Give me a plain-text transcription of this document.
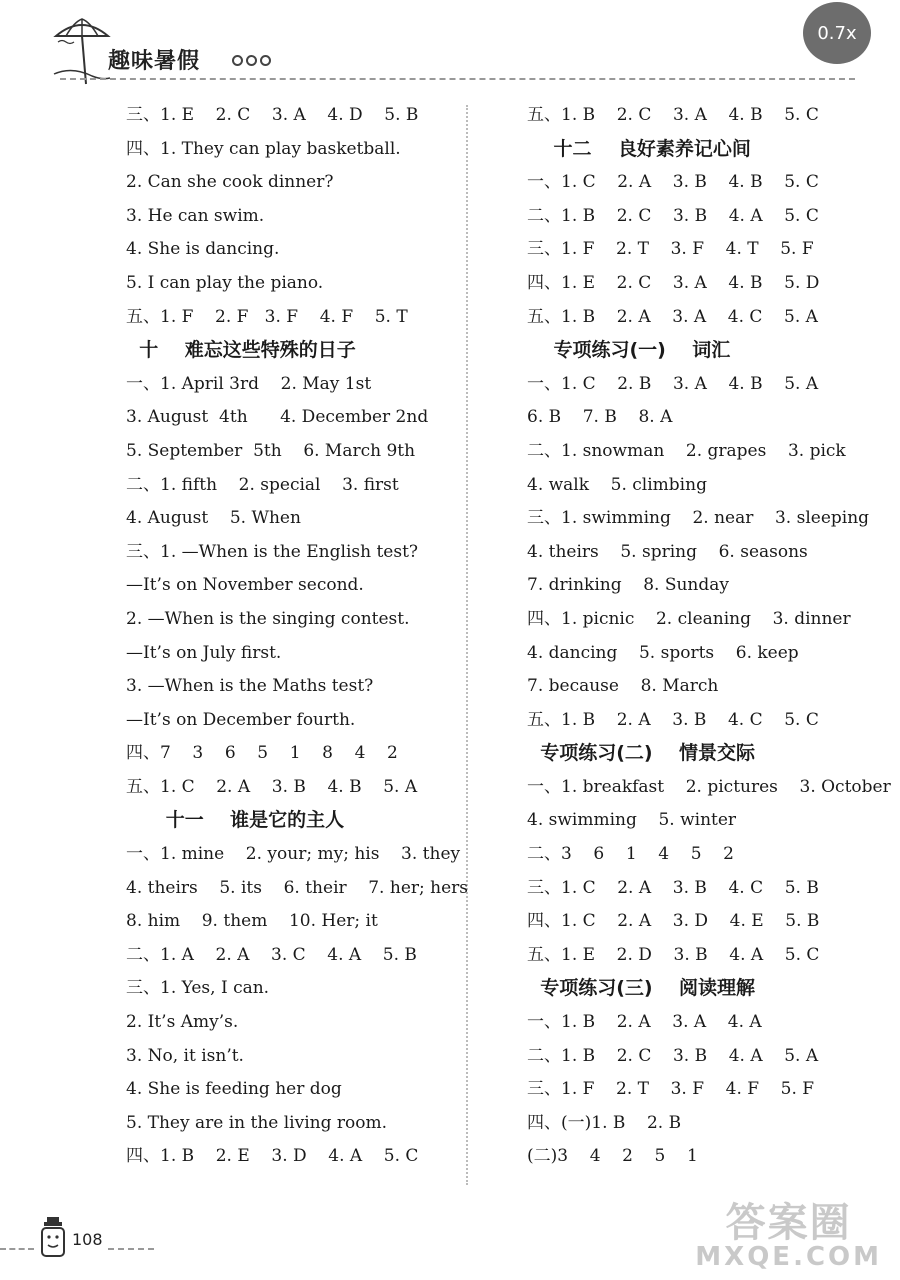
趣味暑假
0.7x
三、1. E    2. C    3. A    4. D    5. B
四、1. They can play basketball.
2. Can she cook dinner?
3. He can swim.
4. She is dancing.
5. I can play the piano.
五、1. F    2. F   3. F    4. F    5. T
十    难忘这些特殊的日子
一、1. April 3rd    2. May 1st
3. August  4th      4. December 2nd
5. September  5th    6. March 9th
二、1. fifth    2. special    3. first
4. August    5. When
三、1. —When is the English test?
—It’s on November second.
2. —When is the singing contest.
—It’s on July first.
3. —When is the Maths test?
—It’s on December fourth.
四、7    3    6    5    1    8    4    2
五、1. C    2. A    3. B    4. B    5. A
十一    谁是它的主人
一、1. mine    2. your; my; his    3. they
4. theirs    5. its    6. their    7. her; hers
8. him    9. them    10. Her; it
二、1. A    2. A    3. C    4. A    5. B
三、1. Yes, I can.
2. It’s Amy’s.
3. No, it isn’t.
4. She is feeding her dog
5. They are in the living room.
四、1. B    2. E    3. D    4. A    5. C
五、1. B    2. C    3. A    4. B    5. C
十二    良好素养记心间
一、1. C    2. A    3. B    4. B    5. C
二、1. B    2. C    3. B    4. A    5. C
三、1. F    2. T    3. F    4. T    5. F
四、1. E    2. C    3. A    4. B    5. D
五、1. B    2. A    3. A    4. C    5. A
专项练习(一)    词汇
一、1. C    2. B    3. A    4. B    5. A
6. B    7. B    8. A
二、1. snowman    2. grapes    3. pick
4. walk    5. climbing
三、1. swimming    2. near    3. sleeping
4. theirs    5. spring    6. seasons
7. drinking    8. Sunday
四、1. picnic    2. cleaning    3. dinner
4. dancing    5. sports    6. keep
7. because    8. March
五、1. B    2. A    3. B    4. C    5. C
专项练习(二)    情景交际
一、1. breakfast    2. pictures    3. October
4. swimming    5. winter
二、3    6    1    4    5    2
三、1. C    2. A    3. B    4. C    5. B
四、1. C    2. A    3. D    4. E    5. B
五、1. E    2. D    3. B    4. A    5. C
专项练习(三)    阅读理解
一、1. B    2. A    3. A    4. A
二、1. B    2. C    3. B    4. A    5. A
三、1. F    2. T    3. F    4. F    5. F
四、(一)1. B    2. B
(二)3    4    2    5    1
108	答案圈
MXQE.COM
